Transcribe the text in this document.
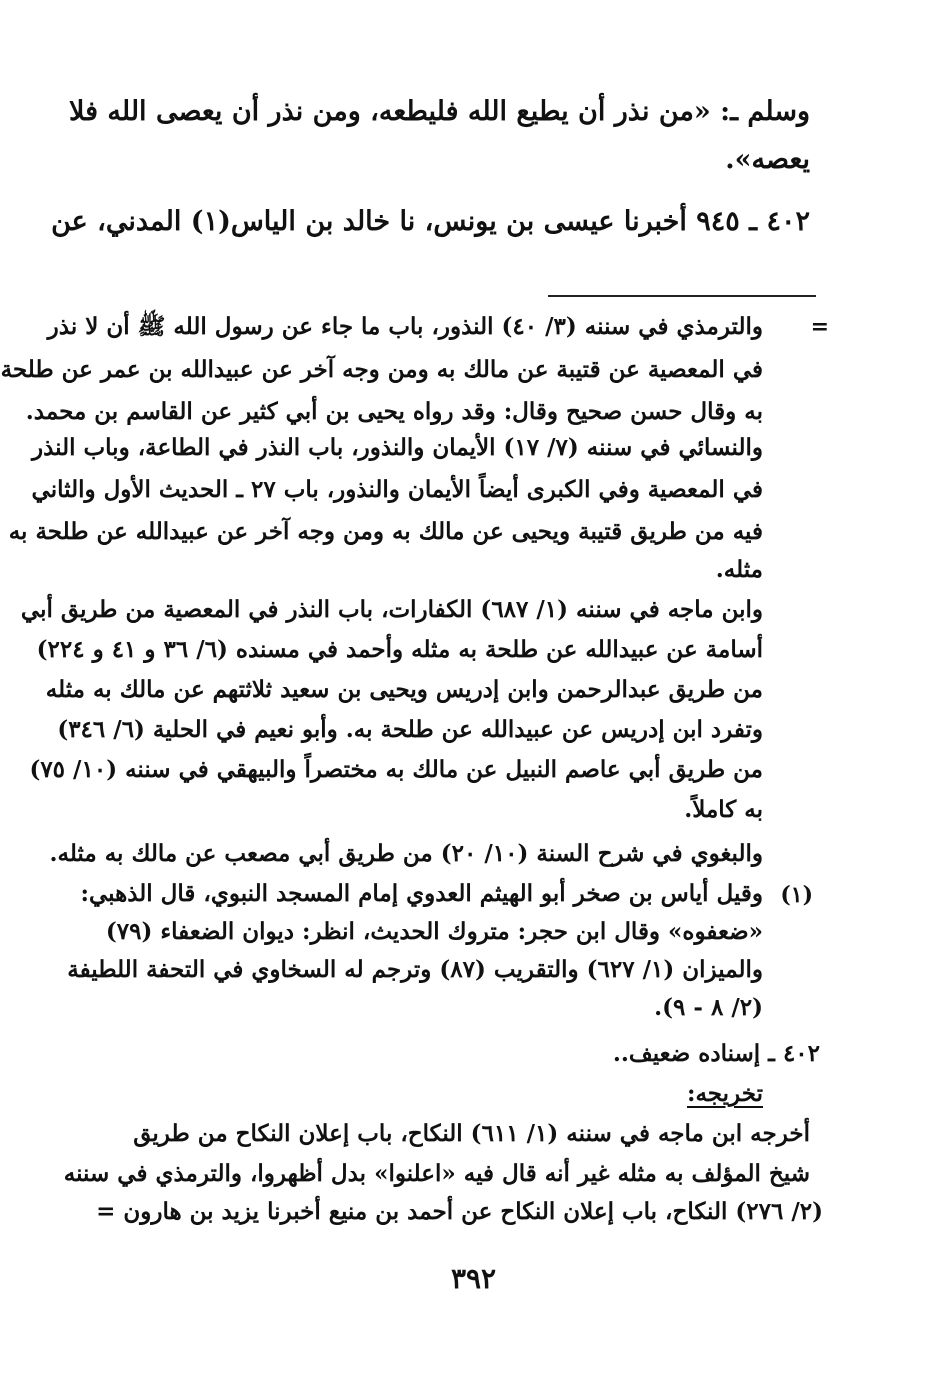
وسلم ـ: «من نذر أن يطيع الله فليطعه، ومن نذر أن يعصى الله فلا
يعصه».
٤٠٢ ـ ٩٤٥ أخبرنا عيسى بن يونس، نا خالد بن الياس(١) المدني، عن
=
والترمذي في سننه (٣/ ٤٠) النذور، باب ما جاء عن رسول الله ﷺ أن لا نذر
في المعصية عن قتيبة عن مالك به ومن وجه آخر عن عبيدالله بن عمر عن طلحة
به وقال حسن صحيح وقال: وقد رواه يحيى بن أبي كثير عن القاسم بن محمد.
والنسائي في سننه (٧/ ١٧) الأيمان والنذور، باب النذر في الطاعة، وباب النذر
في المعصية وفي الكبرى أيضاً الأيمان والنذور، باب ٢٧ ـ الحديث الأول والثاني
فيه من طريق قتيبة ويحيى عن مالك به ومن وجه آخر عن عبيدالله عن طلحة به
مثله.
وابن ماجه في سننه (١/ ٦٨٧) الكفارات، باب النذر في المعصية من طريق أبي
أسامة عن عبيدالله عن طلحة به مثله وأحمد في مسنده (٦/ ٣٦ و ٤١ و ٢٢٤)
من طريق عبدالرحمن وابن إدريس ويحيى بن سعيد ثلاثتهم عن مالك به مثله
وتفرد ابن إدريس عن عبيدالله عن طلحة به. وأبو نعيم في الحلية (٦/ ٣٤٦)
من طريق أبي عاصم النبيل عن مالك به مختصراً والبيهقي في سننه (١٠/ ٧٥)
به كاملاً.
والبغوي في شرح السنة (١٠/ ٢٠) من طريق أبي مصعب عن مالك به مثله.
(١)
وقيل أياس بن صخر أبو الهيثم العدوي إمام المسجد النبوي، قال الذهبي:
«ضعفوه» وقال ابن حجر: متروك الحديث، انظر: ديوان الضعفاء (٧٩)
والميزان (١/ ٦٢٧) والتقريب (٨٧) وترجم له السخاوي في التحفة اللطيفة
(٢/ ٨ - ٩).
٤٠٢ ـ إسناده ضعيف..
تخريجه:
أخرجه ابن ماجه في سننه (١/ ٦١١) النكاح، باب إعلان النكاح من طريق
شيخ المؤلف به مثله غير أنه قال فيه «اعلنوا» بدل أظهروا، والترمذي في سننه
(٢/ ٢٧٦) النكاح، باب إعلان النكاح عن أحمد بن منيع أخبرنا يزيد بن هارون =
٣٩٢
